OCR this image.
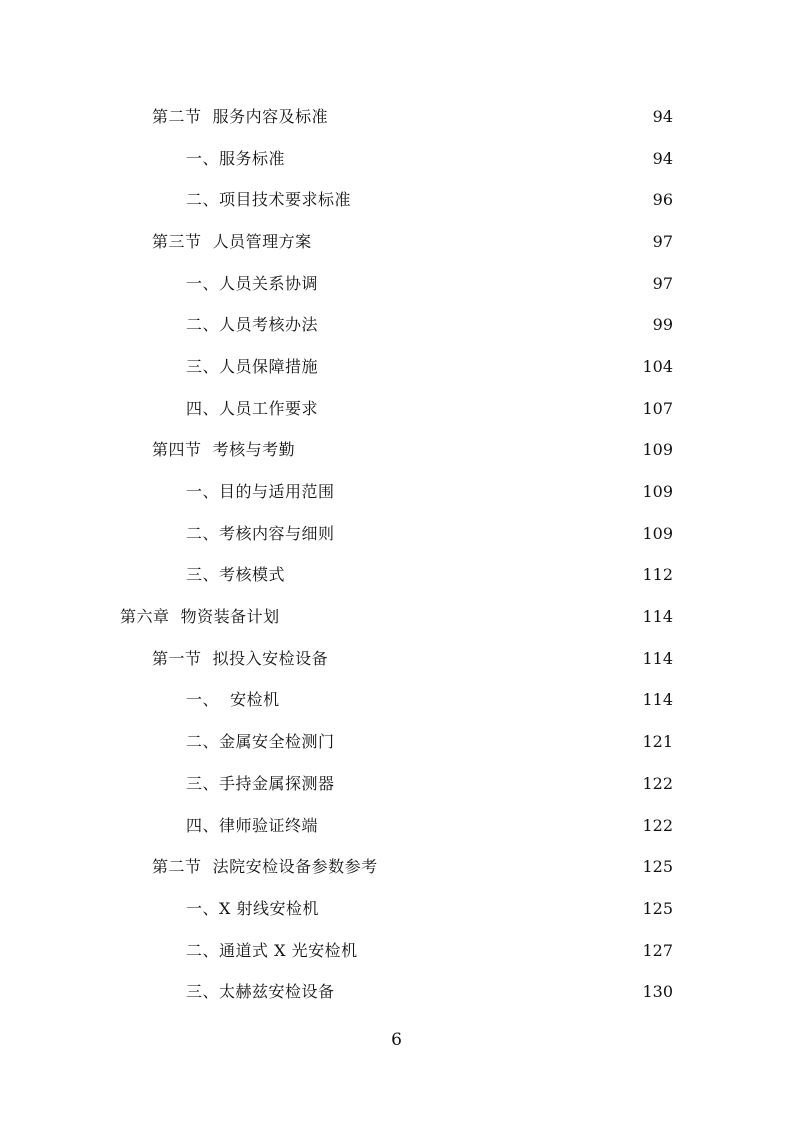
第二节  服务内容及标准	94
一、服务标准	94
二、项目技术要求标准	96
第三节  人员管理方案	97
一、人员关系协调	97
二、人员考核办法	99
三、人员保障措施	104
四、人员工作要求	107
第四节  考核与考勤	109
一、目的与适用范围	109
二、考核内容与细则	109
三、考核模式	112
第六章  物资装备计划	114
第一节  拟投入安检设备	114
一、  安检机	114
二、金属安全检测门	121
三、手持金属探测器	122
四、律师验证终端	122
第二节  法院安检设备参数参考	125
一、X 射线安检机	125
二、通道式 X 光安检机	127
三、太赫兹安检设备	130
6
